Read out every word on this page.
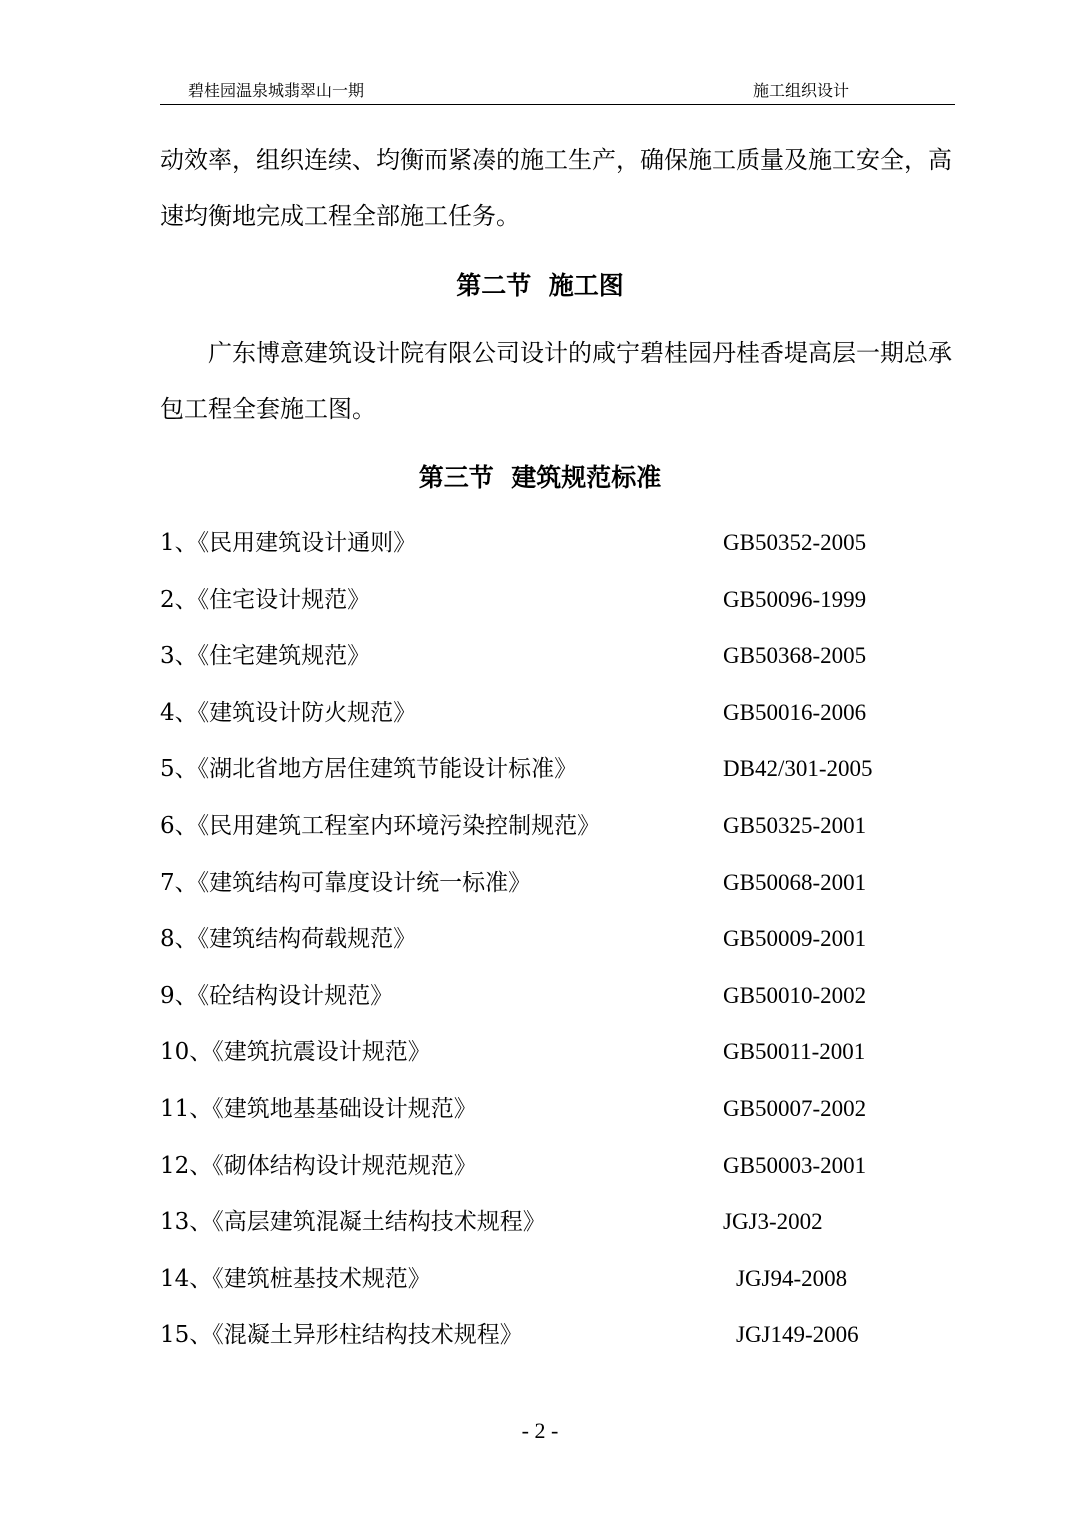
碧桂园温泉城翡翠山一期	施工组织设计

动效率，组织连续、均衡而紧凑的施工生产，确保施工质量及施工安全，高速均衡地完成工程全部施工任务。

第二节  施工图

广东博意建筑设计院有限公司设计的咸宁碧桂园丹桂香堤高层一期总承包工程全套施工图。

第三节  建筑规范标准
1、《民用建筑设计通则》	GB50352-2005
2、《住宅设计规范》	GB50096-1999
3、《住宅建筑规范》	GB50368-2005
4、《建筑设计防火规范》	GB50016-2006
5、《湖北省地方居住建筑节能设计标准》	DB42/301-2005
6、《民用建筑工程室内环境污染控制规范》	GB50325-2001
7、《建筑结构可靠度设计统一标准》	GB50068-2001
8、《建筑结构荷载规范》	GB50009-2001
9、《砼结构设计规范》	GB50010-2002
10、《建筑抗震设计规范》	GB50011-2001
11、《建筑地基基础设计规范》	GB50007-2002
12、《砌体结构设计规范规范》	GB50003-2001
13、《高层建筑混凝土结构技术规程》	JGJ3-2002
14、《建筑桩基技术规范》	JGJ94-2008
15、《混凝土异形柱结构技术规程》	JGJ149-2006
- 2 -
